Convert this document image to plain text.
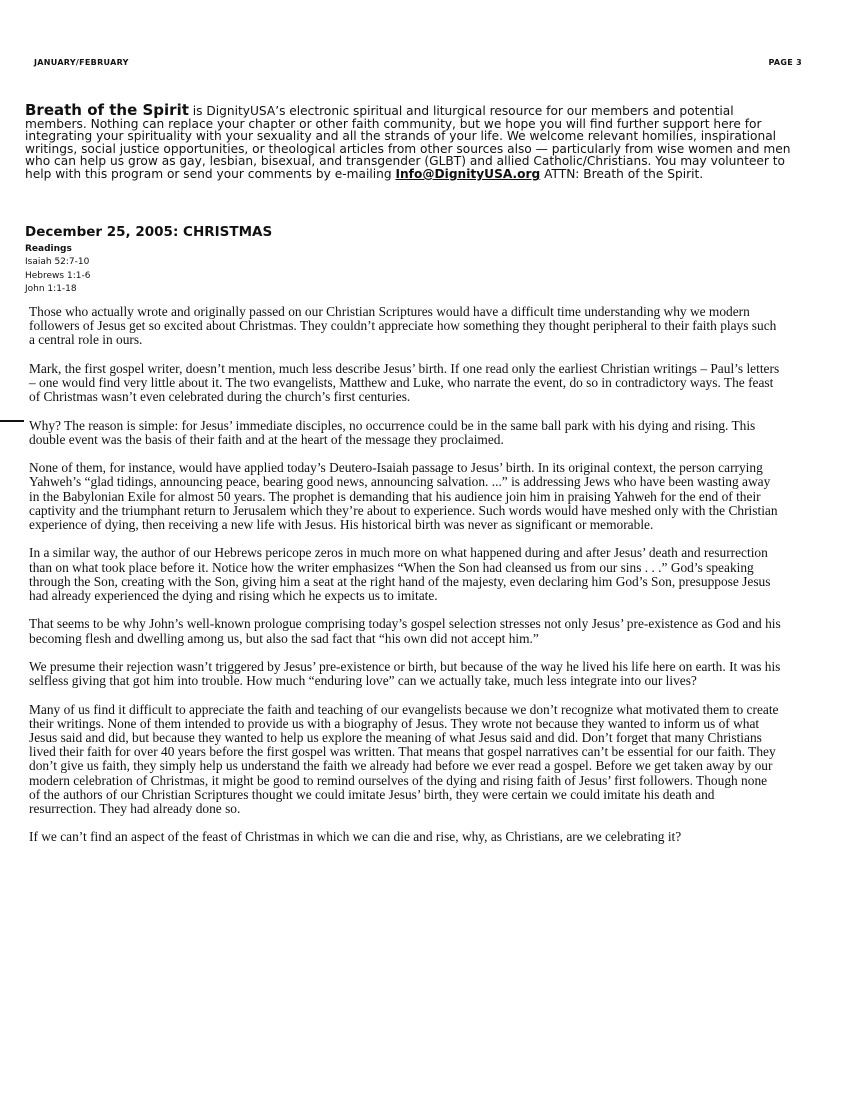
JANUARY/FEBRUARY	PAGE 3

Breath of the Spirit is DignityUSA’s electronic spiritual and liturgical resource for our members and potential members. Nothing can replace your chapter or other faith community, but we hope you will find further support here for integrating your spirituality with your sexuality and all the strands of your life. We welcome relevant homilies, inspirational writings, social justice opportunities, or theological articles from other sources also — particularly from wise women and men who can help us grow as gay, lesbian, bisexual, and transgender (GLBT) and allied Catholic/Christians. You may volunteer to help with this program or send your comments by e-mailing Info@DignityUSA.org ATTN: Breath of the Spirit.

December 25, 2005: CHRISTMAS
Readings
Isaiah 52:7-10
Hebrews 1:1-6
John 1:1-18

Those who actually wrote and originally passed on our Christian Scriptures would have a difficult time understanding why we modern followers of Jesus get so excited about Christmas. They couldn’t appreciate how something they thought peripheral to their faith plays such a central role in ours.

Mark, the first gospel writer, doesn’t mention, much less describe Jesus’ birth. If one read only the earliest Christian writings – Paul’s letters – one would find very little about it. The two evangelists, Matthew and Luke, who narrate the event, do so in contradictory ways. The feast of Christmas wasn’t even celebrated during the church’s first centuries.

Why? The reason is simple: for Jesus’ immediate disciples, no occurrence could be in the same ball park with his dying and rising. This double event was the basis of their faith and at the heart of the message they proclaimed.

None of them, for instance, would have applied today’s Deutero-Isaiah passage to Jesus’ birth. In its original context, the person carrying Yahweh’s “glad tidings, announcing peace, bearing good news, announcing salvation. ...” is addressing Jews who have been wasting away in the Babylonian Exile for almost 50 years. The prophet is demanding that his audience join him in praising Yahweh for the end of their captivity and the triumphant return to Jerusalem which they’re about to experience. Such words would have meshed only with the Christian experience of dying, then receiving a new life with Jesus. His historical birth was never as significant or memorable.

In a similar way, the author of our Hebrews pericope zeros in much more on what happened during and after Jesus’ death and resurrection than on what took place before it. Notice how the writer emphasizes “When the Son had cleansed us from our sins . . .” God’s speaking through the Son, creating with the Son, giving him a seat at the right hand of the majesty, even declaring him God’s Son, presuppose Jesus had already experienced the dying and rising which he expects us to imitate.

That seems to be why John’s well-known prologue comprising today’s gospel selection stresses not only Jesus’ pre-existence as God and his becoming flesh and dwelling among us, but also the sad fact that “his own did not accept him.”

We presume their rejection wasn’t triggered by Jesus’ pre-existence or birth, but because of the way he lived his life here on earth. It was his selfless giving that got him into trouble. How much “enduring love” can we actually take, much less integrate into our lives?

Many of us find it difficult to appreciate the faith and teaching of our evangelists because we don’t recognize what motivated them to create their writings. None of them intended to provide us with a biography of Jesus. They wrote not because they wanted to inform us of what Jesus said and did, but because they wanted to help us explore the meaning of what Jesus said and did. Don’t forget that many Christians lived their faith for over 40 years before the first gospel was written. That means that gospel narratives can’t be essential for our faith. They don’t give us faith, they simply help us understand the faith we already had before we ever read a gospel. Before we get taken away by our modern celebration of Christmas, it might be good to remind ourselves of the dying and rising faith of Jesus’ first followers. Though none of the authors of our Christian Scriptures thought we could imitate Jesus’ birth, they were certain we could imitate his death and resurrection. They had already done so.

If we can’t find an aspect of the feast of Christmas in which we can die and rise, why, as Christians, are we celebrating it?
